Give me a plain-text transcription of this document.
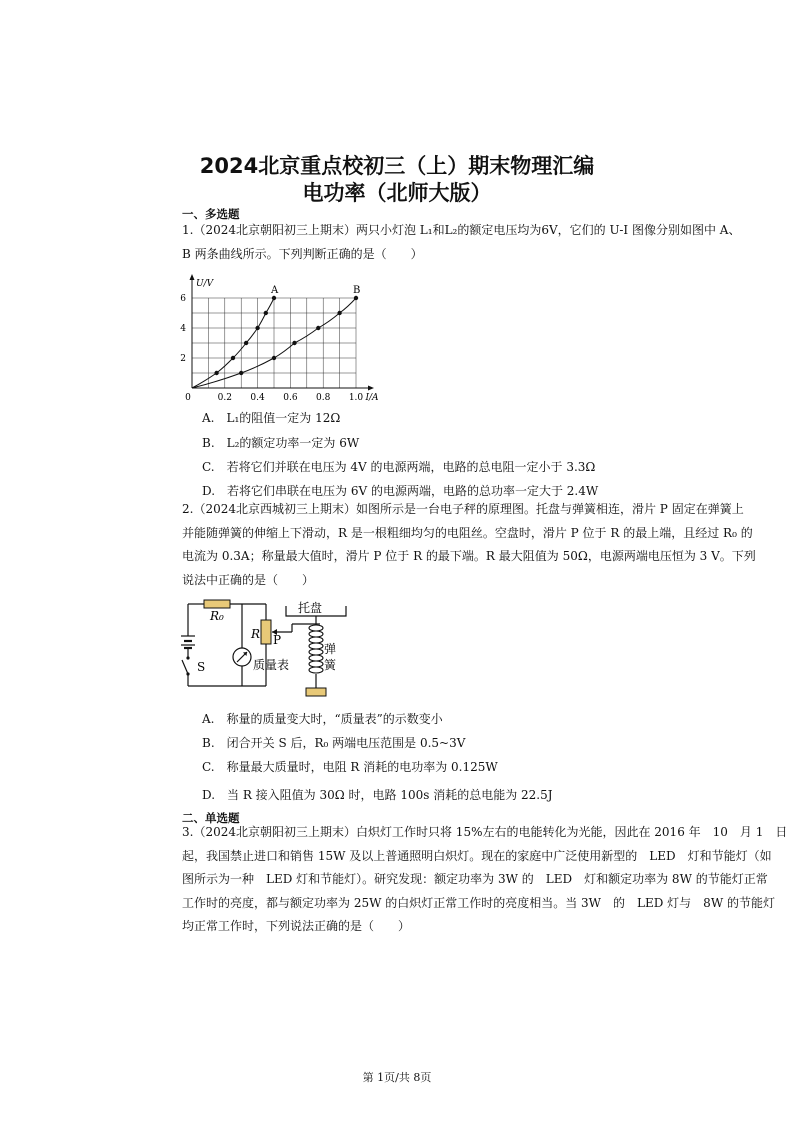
2024北京重点校初三（上）期末物理汇编
电功率（北师大版）
一、多选题
1.（2024北京朝阳初三上期末）两只小灯泡 L₁和L₂的额定电压均为6V，它们的 U-I 图像分别如图中 A、
B 两条曲线所示。下列判断正确的是（　　）
0	0.2 0.4 0.6 0.8 1.0
2
4
6
I/A
U/V
A	B
A.　L₁的阻值一定为 12Ω
B.　L₂的额定功率一定为 6W
C.　若将它们并联在电压为 4V 的电源两端，电路的总电阻一定小于 3.3Ω
D.　若将它们串联在电压为 6V 的电源两端，电路的总功率一定大于 2.4W
2.（2024北京西城初三上期末）如图所示是一台电子秤的原理图。托盘与弹簧相连，滑片 P 固定在弹簧上
并能随弹簧的伸缩上下滑动，R 是一根粗细均匀的电阻丝。空盘时，滑片 P 位于 R 的最上端，且经过 R₀ 的
电流为 0.3A；称量最大值时，滑片 P 位于 R 的最下端。R 最大阻值为 50Ω，电源两端电压恒为 3 V。下列
说法中正确的是（　　）
R₀
R P
S	质量表
托盘
弹
簧
A.　称量的质量变大时，“质量表”的示数变小
B.　闭合开关 S 后，R₀ 两端电压范围是 0.5~3V
C.　称量最大质量时，电阻 R 消耗的电功率为 0.125W
D.　当 R 接入阻值为 30Ω 时，电路 100s 消耗的总电能为 22.5J
二、单选题
3.（2024北京朝阳初三上期末）白炽灯工作时只将 15%左右的电能转化为光能，因此在 2016 年　10　月 1　日
起，我国禁止进口和销售 15W 及以上普通照明白炽灯。现在的家庭中广泛使用新型的　LED　灯和节能灯（如
图所示为一种　LED 灯和节能灯）。研究发现：额定功率为 3W 的　LED　灯和额定功率为 8W 的节能灯正常
工作时的亮度，都与额定功率为 25W 的白炽灯正常工作时的亮度相当。当 3W　的　LED 灯与　8W 的节能灯
均正常工作时，下列说法正确的是（　　）
第 1页/共 8页
